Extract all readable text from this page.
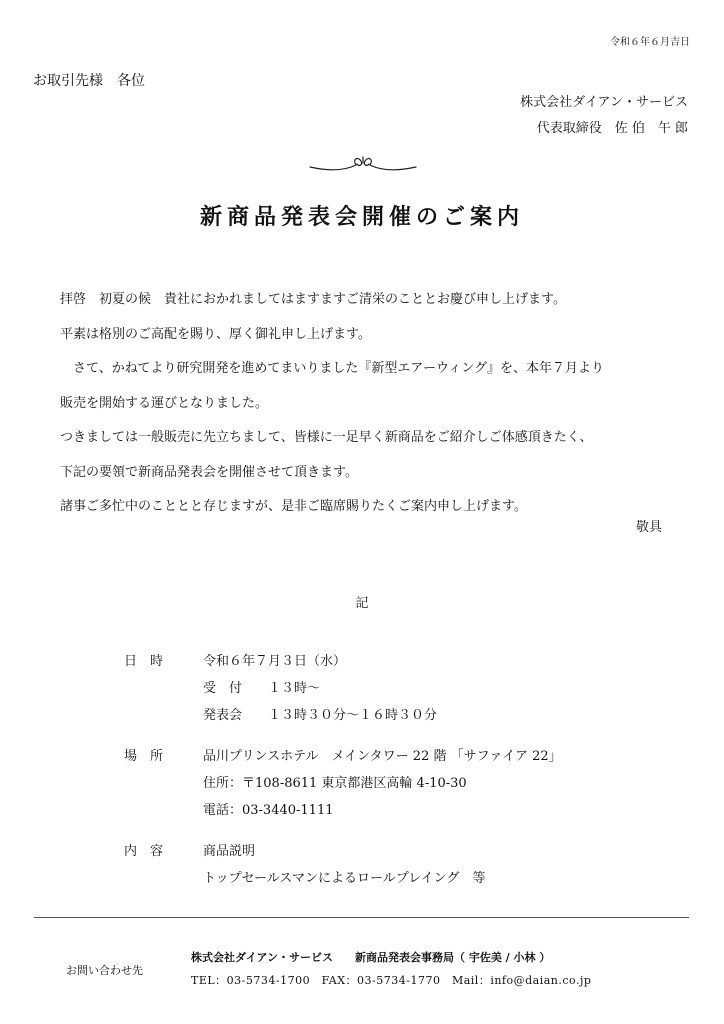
令和６年６月吉日
お取引先様　各位
株式会社ダイアン・サービス
代表取締役　佐 伯　午 郎
新商品発表会開催のご案内

拝啓　初夏の候　貴社におかれましてはますますご清栄のこととお慶び申し上げます。

平素は格別のご高配を賜り、厚く御礼申し上げます。

　さて、かねてより研究開発を進めてまいりました『新型エアーウィング』を、本年７月より

販売を開始する運びとなりました。

つきましては一般販売に先立ちまして、皆様に一足早く新商品をご紹介しご体感頂きたく、

下記の要領で新商品発表会を開催させて頂きます。

諸事ご多忙中のこととと存じますが、是非ご臨席賜りたくご案内申し上げます。

敬具
記
日　時	令和６年７月３日（水）
受　付　　１３時〜
発表会　　１３時３０分〜１６時３０分
場　所	品川プリンスホテル　メインタワー 22 階 「サファイア 22」
住所：〒108-8611 東京都港区高輪 4-10-30
電話：03-3440-1111
内　容	商品説明
トップセールスマンによるロールプレイング　等
お問い合わせ先
株式会社ダイアン・サービス　　新商品発表会事務局（ 宇佐美 / 小林 ）
TEL：03-5734-1700　FAX：03-5734-1770　Mail：info@daian.co.jp
